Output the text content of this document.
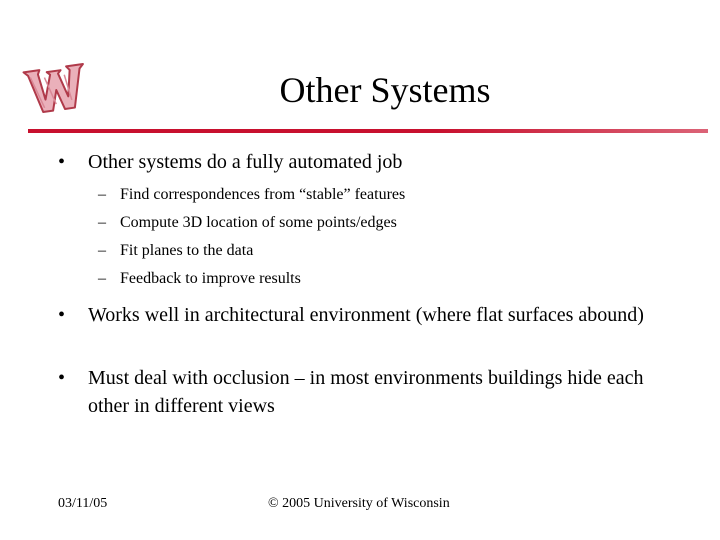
Other Systems
•	Other systems do a fully automated job
– Find correspondences from “stable” features
– Compute 3D location of some points/edges
– Fit planes to the data
– Feedback to improve results
•	Works well in architectural environment (where flat surfaces abound)
•	Must deal with occlusion – in most environments buildings hide each other in different views
03/11/05	© 2005 University of Wisconsin
